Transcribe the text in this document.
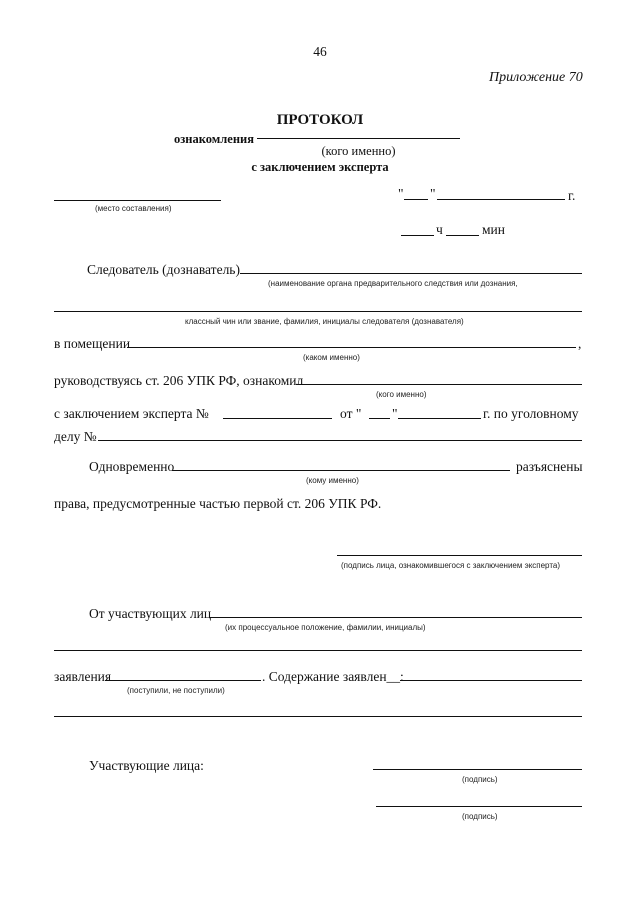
46
Приложение 70
ПРОТОКОЛ
ознакомления
(кого именно)
с заключением эксперта
(место составления)
" "	г.
ч	мин
Следователь (дознаватель)
(наименование органа предварительного следствия или дознания,
классный чин или звание, фамилия, инициалы следователя (дознавателя)
в помещении	,
(каком именно)
руководствуясь ст. 206 УПК РФ, ознакомил
(кого именно)
с заключением эксперта №	от " "	г. по уголовному
делу №
Одновременно	разъяснены
(кому именно)
права, предусмотренные частью первой ст. 206 УПК РФ.
(подпись лица, ознакомившегося с заключением эксперта)
От участвующих лиц
(их процессуальное положение, фамилии, инициалы)
заявления	. Содержание заявлен__:
(поступили, не поступили)
Участвующие лица:
(подпись)
(подпись)
